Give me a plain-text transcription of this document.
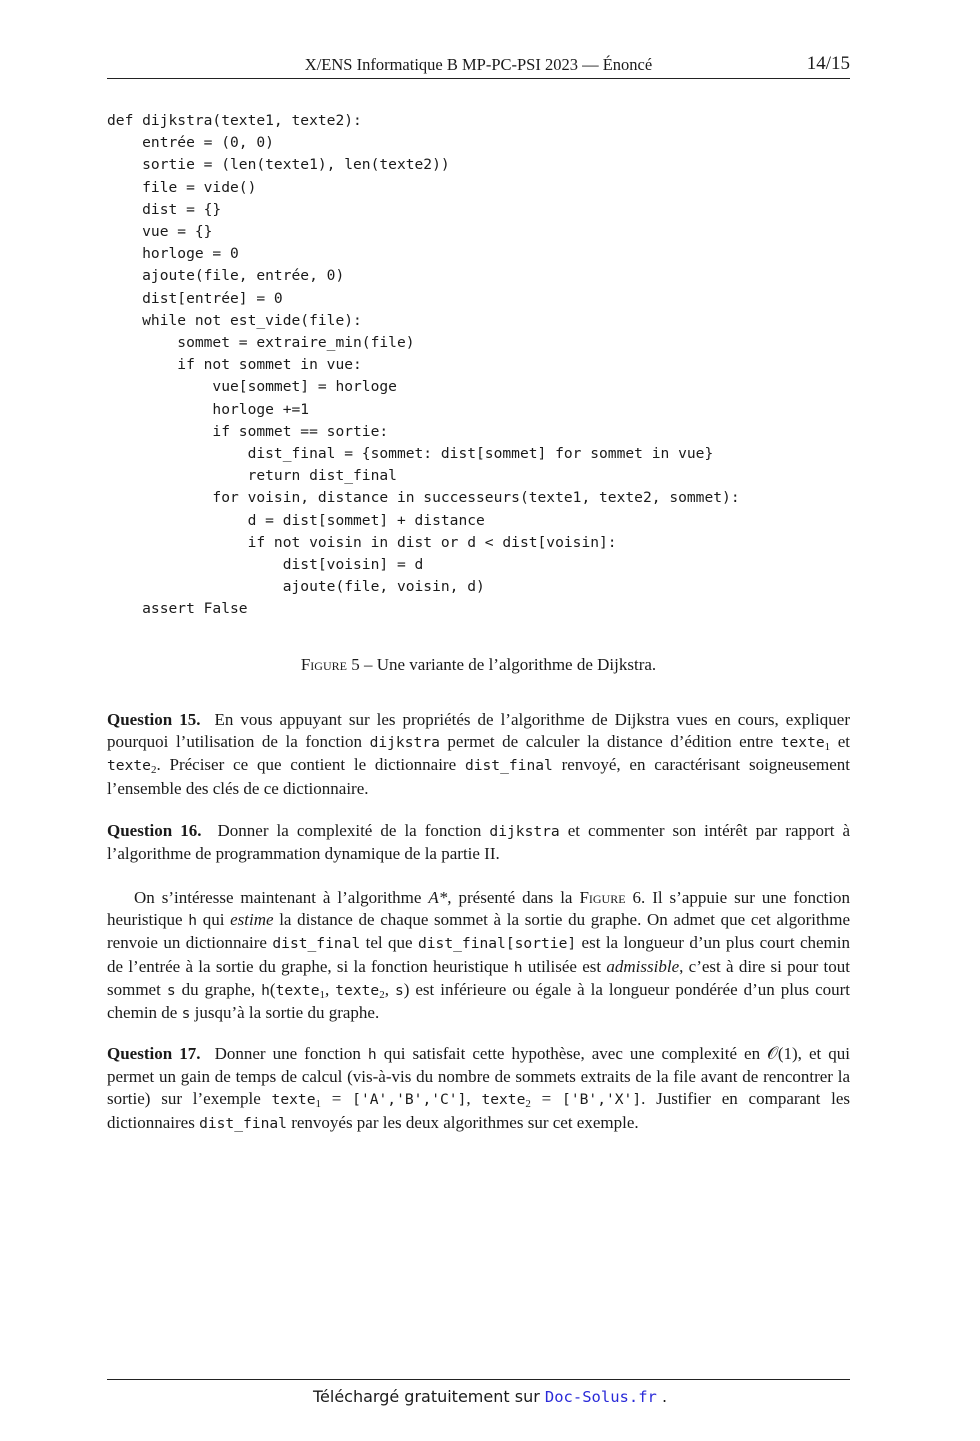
X/ENS Informatique B MP-PC-PSI 2023 — Énoncé	14/15
def dijkstra(texte1, texte2):
entrée = (0, 0)
sortie = (len(texte1), len(texte2))
file = vide()
dist = {}
vue = {}
horloge = 0
ajoute(file, entrée, 0)
dist[entrée] = 0
while not est_vide(file):
sommet = extraire_min(file)
if not sommet in vue:
vue[sommet] = horloge
horloge +=1
if sommet == sortie:
dist_final = {sommet: dist[sommet] for sommet in vue}
return dist_final
for voisin, distance in successeurs(texte1, texte2, sommet):
d = dist[sommet] + distance
if not voisin in dist or d < dist[voisin]:
dist[voisin] = d
ajoute(file, voisin, d)
assert False
Figure 5 – Une variante de l’algorithme de Dijkstra.

Question 15. En vous appuyant sur les propriétés de l’algorithme de Dijkstra vues en cours, expliquer pourquoi l’utilisation de la fonction dijkstra permet de calculer la distance d’édition entre texte$_1$ et texte$_2$. Préciser ce que contient le dictionnaire dist_final renvoyé, en caractérisant soigneusement l’ensemble des clés de ce dictionnaire.

Question 16. Donner la complexité de la fonction dijkstra et commenter son intérêt par rapport à l’algorithme de programmation dynamique de la partie II.

On s’intéresse maintenant à l’algorithme A*, présenté dans la Figure 6. Il s’appuie sur une fonction heuristique h qui estime la distance de chaque sommet à la sortie du graphe. On admet que cet algorithme renvoie un dictionnaire dist_final tel que dist_final[sortie] est la longueur d’un plus court chemin de l’entrée à la sortie du graphe, si la fonction heuristique h utilisée est admissible, c’est à dire si pour tout sommet s du graphe, h(texte$_1$, texte$_2$, s) est inférieure ou égale à la longueur pondérée d’un plus court chemin de s jusqu’à la sortie du graphe.

Question 17. Donner une fonction h qui satisfait cette hypothèse, avec une complexité en 𝒪(1), et qui permet un gain de temps de calcul (vis-à-vis du nombre de sommets extraits de la file avant de rencontrer la sortie) sur l’exemple texte$_1$ = ['A','B','C'], texte$_2$ = ['B','X']. Justifier en comparant les dictionnaires dist_final renvoyés par les deux algorithmes sur cet exemple.

Téléchargé gratuitement sur Doc-Solus.fr .
